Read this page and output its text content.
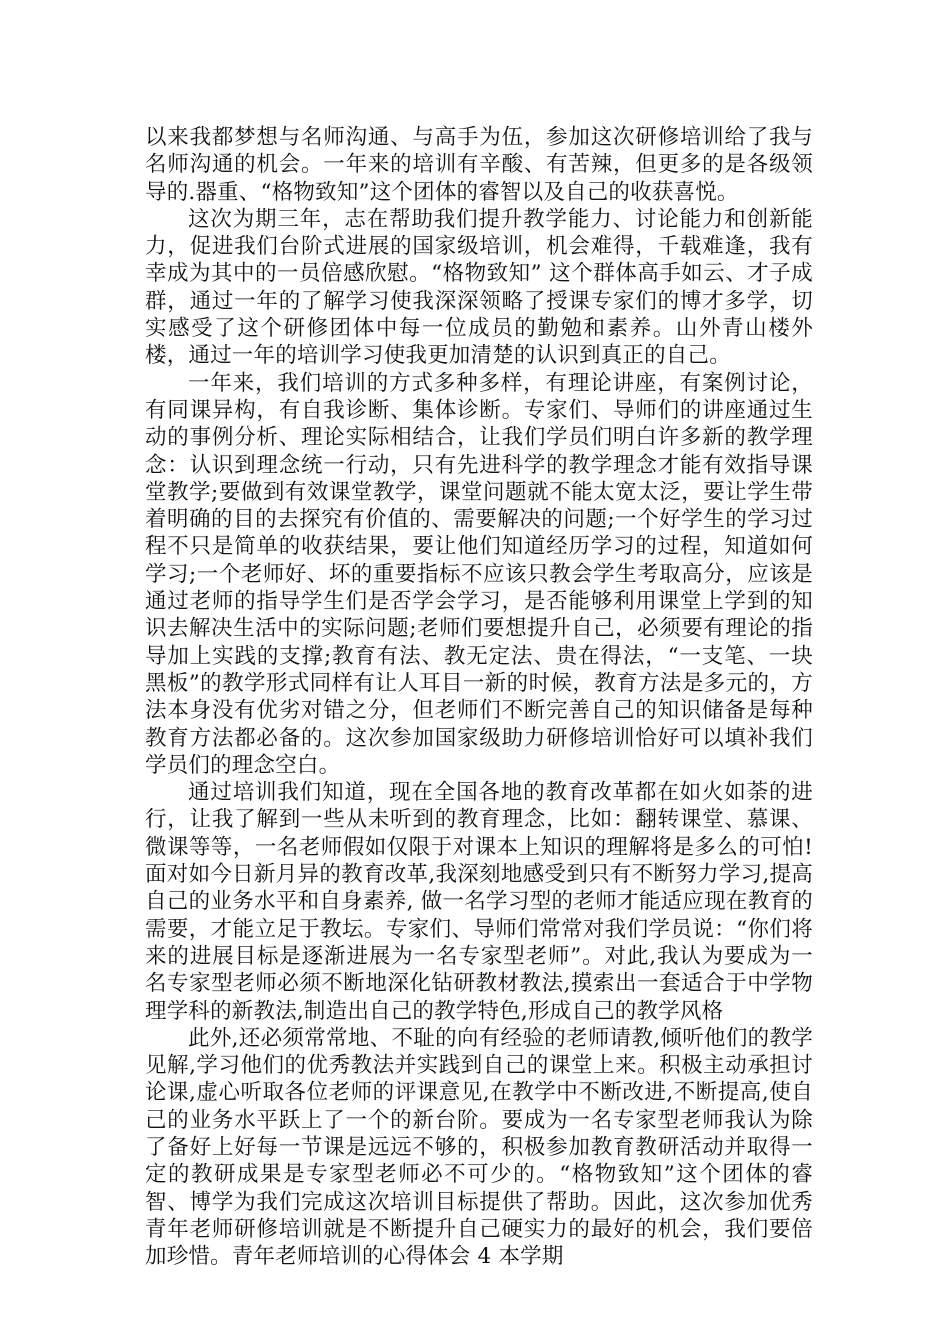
以来我都梦想与名师沟通、与高手为伍，参加这次研修培训给了我与名师沟通的机会。一年来的培训有辛酸、有苦辣，但更多的是各级领导的.器重、“格物致知”这个团体的睿智以及自己的收获喜悦。

这次为期三年，志在帮助我们提升教学能力、讨论能力和创新能力，促进我们台阶式进展的国家级培训，机会难得，千载难逢，我有幸成为其中的一员倍感欣慰。“格物致知” 这个群体高手如云、才子成群，通过一年的了解学习使我深深领略了授课专家们的博才多学，切实感受了这个研修团体中每一位成员的勤勉和素养。山外青山楼外楼，通过一年的培训学习使我更加清楚的认识到真正的自己。

一年来，我们培训的方式多种多样，有理论讲座，有案例讨论，有同课异构，有自我诊断、集体诊断。专家们、导师们的讲座通过生动的事例分析、理论实际相结合，让我们学员们明白许多新的教学理念：认识到理念统一行动，只有先进科学的教学理念才能有效指导课堂教学;要做到有效课堂教学，课堂问题就不能太宽太泛，要让学生带着明确的目的去探究有价值的、需要解决的问题;一个好学生的学习过程不只是简单的收获结果，要让他们知道经历学习的过程，知道如何学习;一个老师好、坏的重要指标不应该只教会学生考取高分，应该是通过老师的指导学生们是否学会学习，是否能够利用课堂上学到的知识去解决生活中的实际问题;老师们要想提升自己，必须要有理论的指导加上实践的支撑;教育有法、教无定法、贵在得法，“一支笔、一块黑板”的教学形式同样有让人耳目一新的时候，教育方法是多元的，方法本身没有优劣对错之分，但老师们不断完善自己的知识储备是每种教育方法都必备的。这次参加国家级助力研修培训恰好可以填补我们学员们的理念空白。

通过培训我们知道，现在全国各地的教育改革都在如火如荼的进行，让我了解到一些从未听到的教育理念，比如：翻转课堂、慕课、微课等等，一名老师假如仅限于对课本上知识的理解将是多么的可怕!面对如今日新月异的教育改革,我深刻地感受到只有不断努力学习,提高自己的业务水平和自身素养, 做一名学习型的老师才能适应现在教育的需要，才能立足于教坛。专家们、导师们常常对我们学员说：“你们将来的进展目标是逐渐进展为一名专家型老师”。对此,我认为要成为一名专家型老师必须不断地深化钻研教材教法,摸索出一套适合于中学物理学科的新教法,制造出自己的教学特色,形成自己的教学风格

此外,还必须常常地、不耻的向有经验的老师请教,倾听他们的教学见解,学习他们的优秀教法并实践到自己的课堂上来。积极主动承担讨论课,虚心听取各位老师的评课意见,在教学中不断改进,不断提高,使自己的业务水平跃上了一个的新台阶。要成为一名专家型老师我认为除了备好上好每一节课是远远不够的，积极参加教育教研活动并取得一定的教研成果是专家型老师必不可少的。“格物致知”这个团体的睿智、博学为我们完成这次培训目标提供了帮助。因此，这次参加优秀青年老师研修培训就是不断提升自己硬实力的最好的机会，我们要倍加珍惜。青年老师培训的心得体会 4 本学期
